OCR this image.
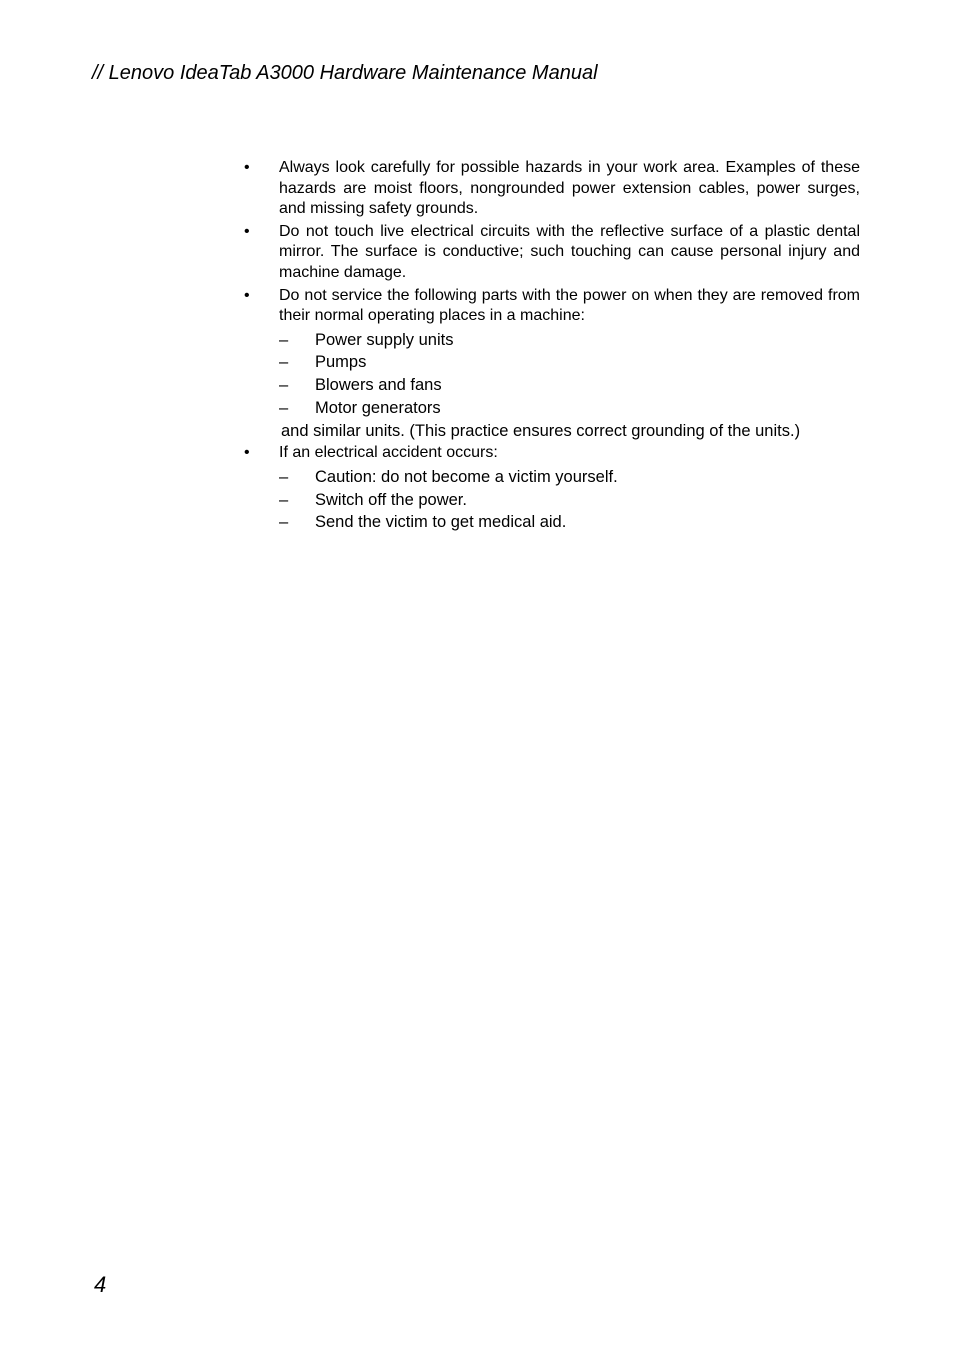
// Lenovo IdeaTab A3000 Hardware Maintenance Manual
• Always look carefully for possible hazards in your work area. Examples of these hazards are moist floors, nongrounded power extension cables, power surges, and missing safety grounds.
• Do not touch live electrical circuits with the reflective surface of a plastic dental mirror. The surface is conductive; such touching can cause personal injury and machine damage.
• Do not service the following parts with the power on when they are removed from their normal operating places in a machine:
– Power supply units
– Pumps
– Blowers and fans
– Motor generators
and similar units. (This practice ensures correct grounding of the units.)
• If an electrical accident occurs:
– Caution: do not become a victim yourself.
– Switch off the power.
– Send the victim to get medical aid.
4
